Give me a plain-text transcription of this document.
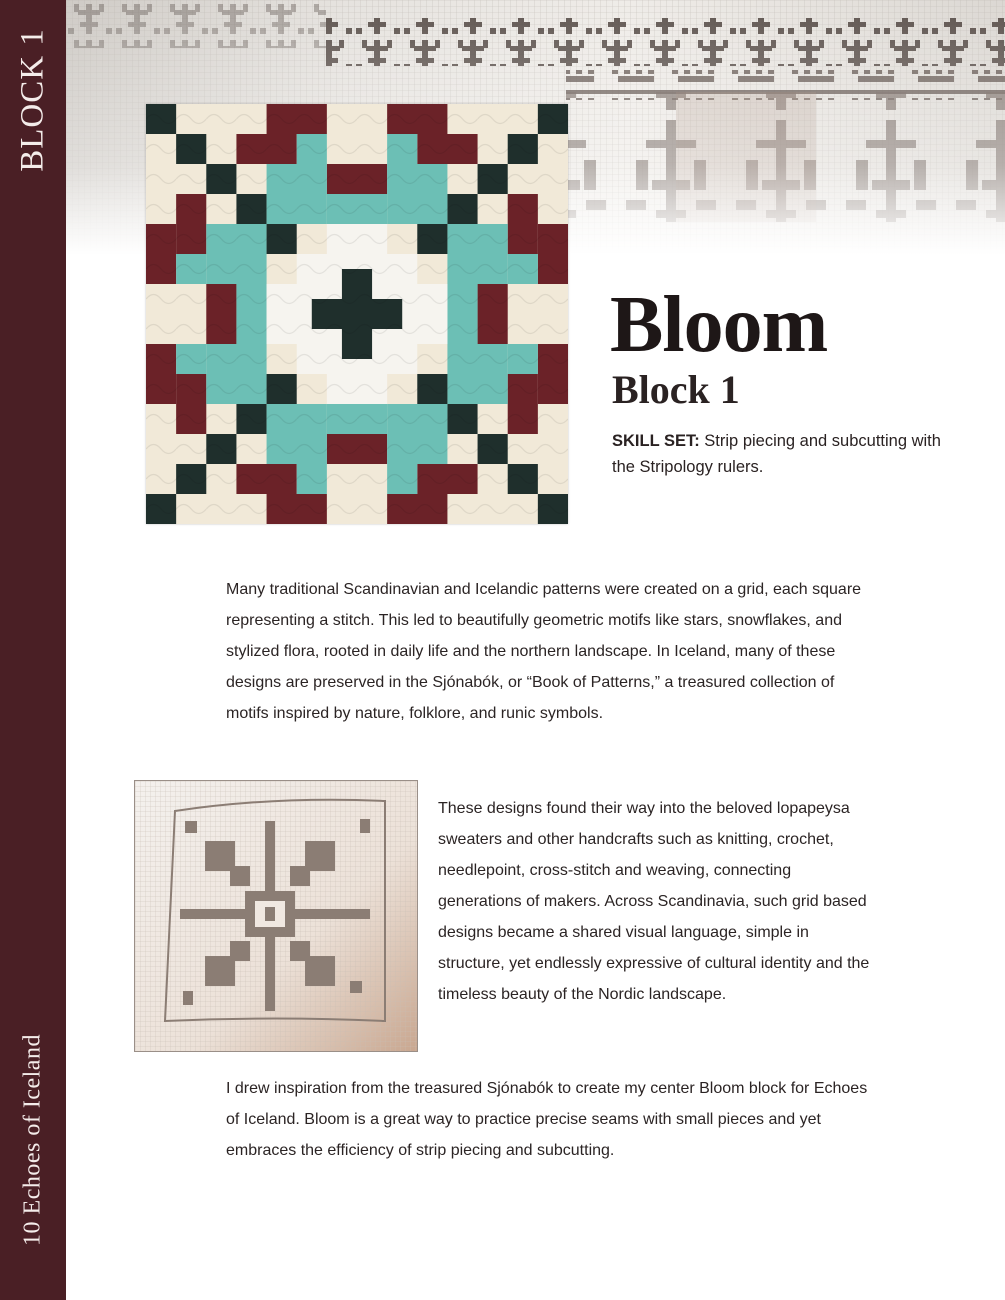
BLOCK 1
10 Echoes of Iceland
Bloom
Block 1

SKILL SET: Strip piecing and subcutting with the Stripology rulers.

Many traditional Scandinavian and Icelandic patterns were created on a grid, each square representing a stitch. This led to beautifully geometric motifs like stars, snowflakes, and stylized flora, rooted in daily life and the northern landscape. In Iceland, many of these designs are preserved in the Sjónabók, or “Book of Patterns,” a treasured collection of motifs inspired by nature, folklore, and runic symbols.

These designs found their way into the beloved lopapeysa sweaters and other handcrafts such as knitting, crochet, needlepoint, cross-stitch and weaving, connecting generations of makers. Across Scandinavia, such grid based designs became a shared visual language, simple in structure, yet endlessly expressive of cultural identity and the timeless beauty of the Nordic landscape.

I drew inspiration from the treasured Sjónabók to create my center Bloom block for Echoes of Iceland. Bloom is a great way to practice precise seams with small pieces and yet embraces the efficiency of strip piecing and subcutting.
